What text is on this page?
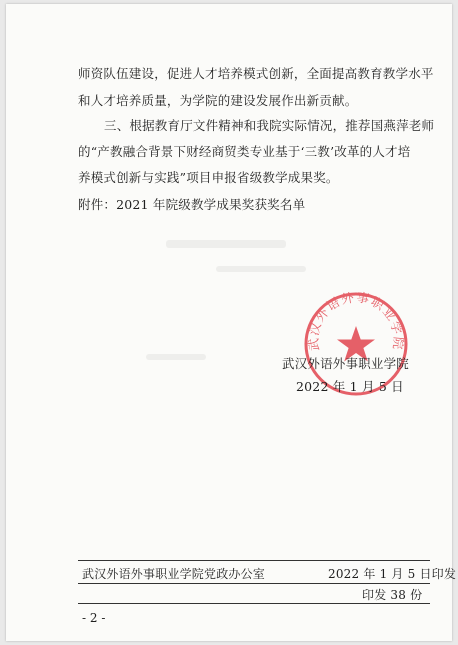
师资队伍建设，促进人才培养模式创新，全面提高教育教学水平
和人才培养质量，为学院的建设发展作出新贡献。
三、根据教育厅文件精神和我院实际情况，推荐国燕萍老师
的“产教融合背景下财经商贸类专业基于‘三教’改革的人才培
养模式创新与实践”项目申报省级教学成果奖。
附件：2021 年院级教学成果奖获奖名单
武汉外语外事职业学院
武汉外语外事职业学院
2022 年 1 月 5 日
武汉外语外事职业学院党政办公室	2022 年 1 月 5 日印发
印发 38 份
- 2 -
